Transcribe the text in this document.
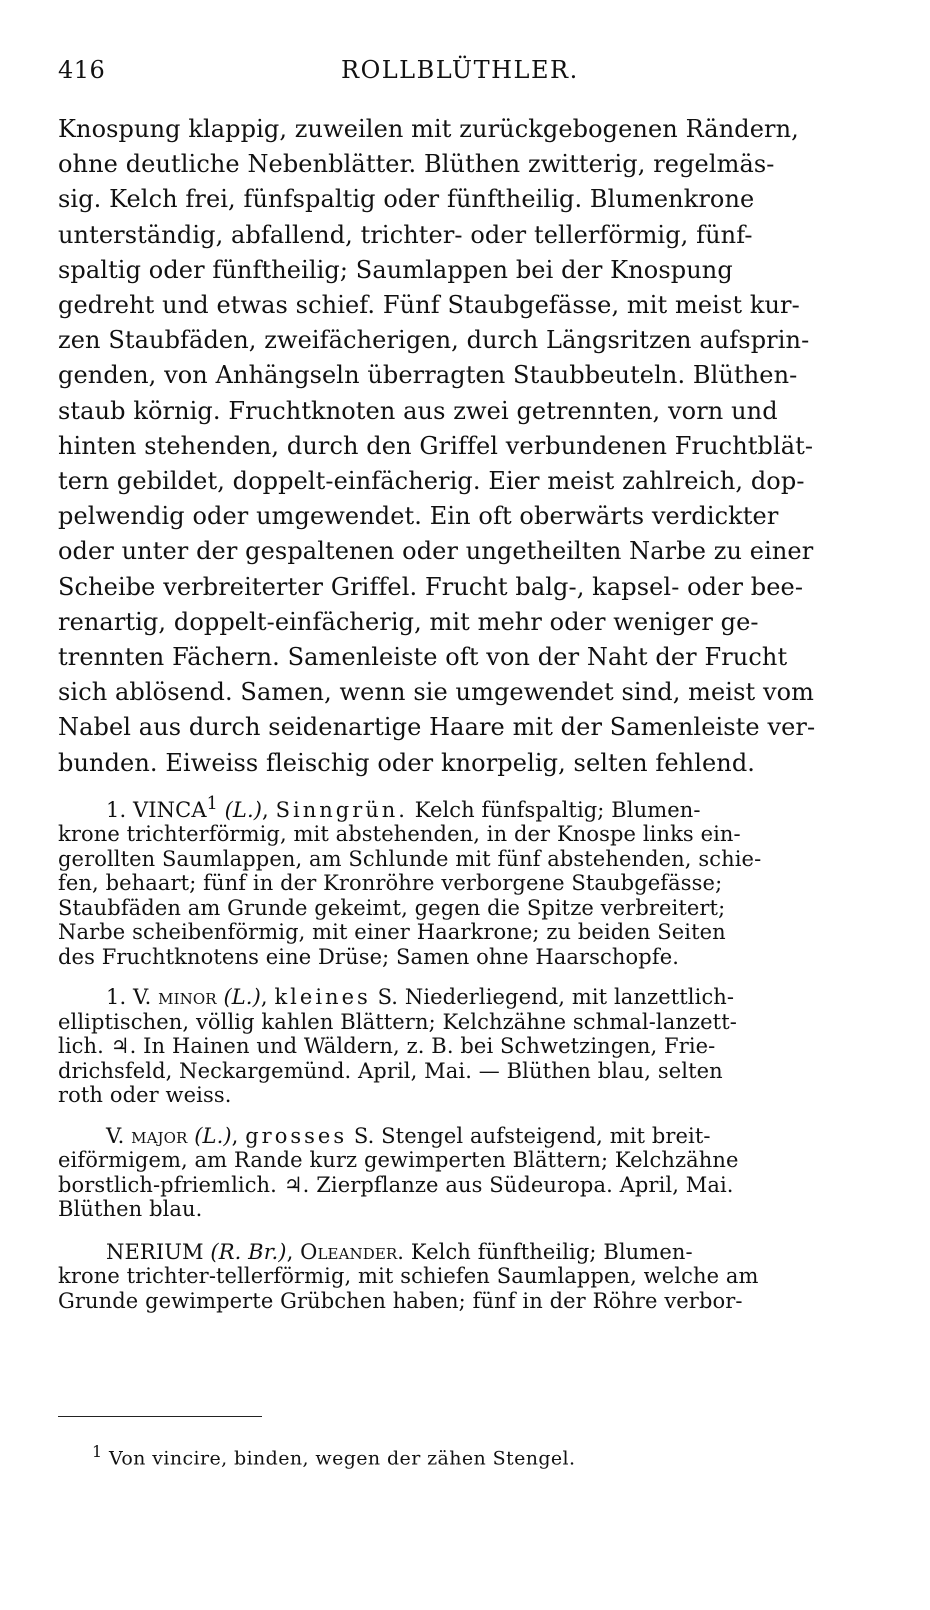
416	ROLLBLÜTHLER.
Knospung klappig, zuweilen mit zurückgebogenen Rändern,
ohne deutliche Nebenblätter. Blüthen zwitterig, regelmäs-
sig. Kelch frei, fünfspaltig oder fünftheilig. Blumenkrone
unterständig, abfallend, trichter- oder tellerförmig, fünf-
spaltig oder fünftheilig; Saumlappen bei der Knospung
gedreht und etwas schief. Fünf Staubgefässe, mit meist kur-
zen Staubfäden, zweifächerigen, durch Längsritzen aufsprin-
genden, von Anhängseln überragten Staubbeuteln. Blüthen-
staub körnig. Fruchtknoten aus zwei getrennten, vorn und
hinten stehenden, durch den Griffel verbundenen Fruchtblät-
tern gebildet, doppelt-einfächerig. Eier meist zahlreich, dop-
pelwendig oder umgewendet. Ein oft oberwärts verdickter
oder unter der gespaltenen oder ungetheilten Narbe zu einer
Scheibe verbreiterter Griffel. Frucht balg-, kapsel- oder bee-
renartig, doppelt-einfächerig, mit mehr oder weniger ge-
trennten Fächern. Samenleiste oft von der Naht der Frucht
sich ablösend. Samen, wenn sie umgewendet sind, meist vom
Nabel aus durch seidenartige Haare mit der Samenleiste ver-
bunden. Eiweiss fleischig oder knorpelig, selten fehlend.
1. VINCA$^1$ (L.), Sinngrün. Kelch fünfspaltig; Blumen-
krone trichterförmig, mit abstehenden, in der Knospe links ein-
gerollten Saumlappen, am Schlunde mit fünf abstehenden, schie-
fen, behaart; fünf in der Kronröhre verborgene Staubgefässe;
Staubfäden am Grunde gekeimt, gegen die Spitze verbreitert;
Narbe scheibenförmig, mit einer Haarkrone; zu beiden Seiten
des Fruchtknotens eine Drüse; Samen ohne Haarschopfe.
1. V. minor (L.), kleines S. Niederliegend, mit lanzettlich-
elliptischen, völlig kahlen Blättern; Kelchzähne schmal-lanzett-
lich. ♃. In Hainen und Wäldern, z. B. bei Schwetzingen, Frie-
drichsfeld, Neckargemünd. April, Mai. — Blüthen blau, selten
roth oder weiss.
V. major (L.), grosses S. Stengel aufsteigend, mit breit-
eiförmigem, am Rande kurz gewimperten Blättern; Kelchzähne
borstlich-pfriemlich. ♃. Zierpflanze aus Südeuropa. April, Mai.
Blüthen blau.
NERIUM (R. Br.), Oleander. Kelch fünftheilig; Blumen-
krone trichter-tellerförmig, mit schiefen Saumlappen, welche am
Grunde gewimperte Grübchen haben; fünf in der Röhre verbor-
$^1$ Von vincire, binden, wegen der zähen Stengel.
